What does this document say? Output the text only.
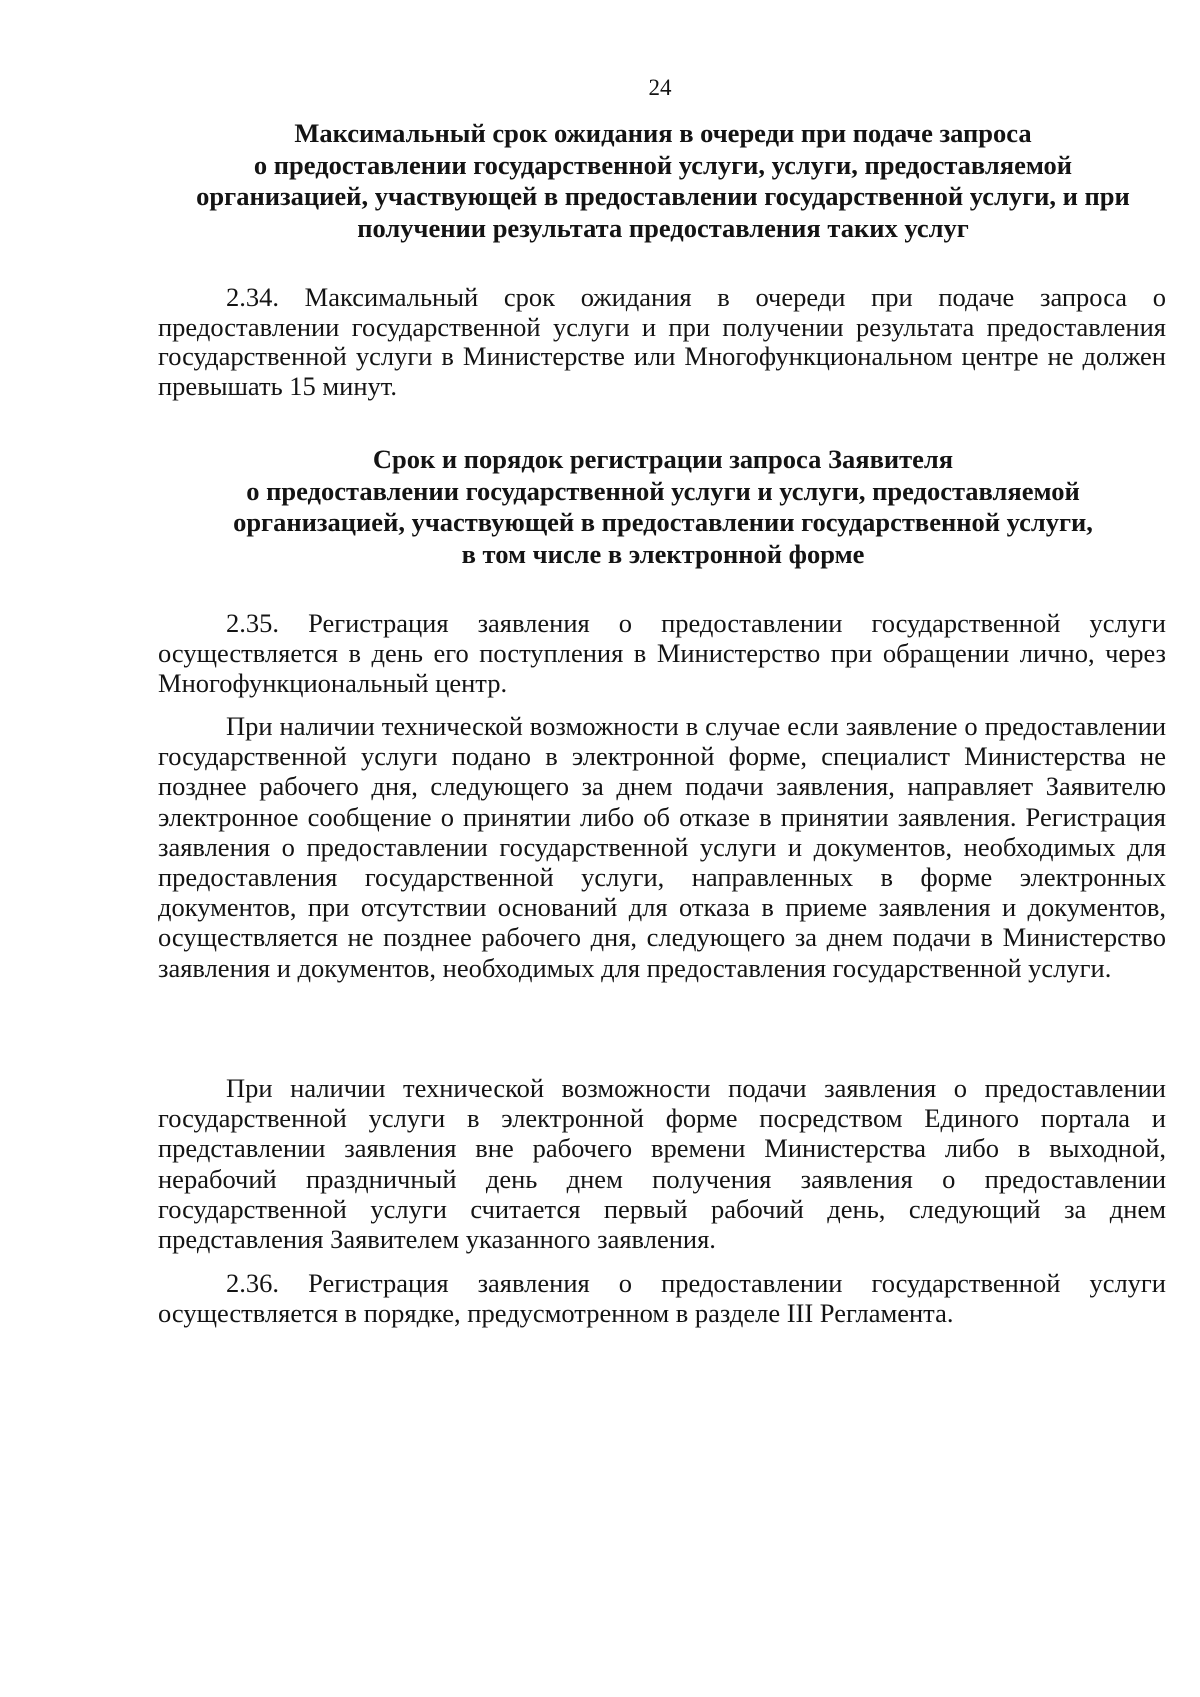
24
Максимальный срок ожидания в очереди при подаче запроса
о предоставлении государственной услуги, услуги, предоставляемой
организацией, участвующей в предоставлении государственной услуги, и при
получении результата предоставления таких услуг

2.34. Максимальный срок ожидания в очереди при подаче запроса о предоставлении государственной услуги и при получении результата предоставления государственной услуги в Министерстве или Многофункциональном центре не должен превышать 15 минут.

Срок и порядок регистрации запроса Заявителя
о предоставлении государственной услуги и услуги, предоставляемой
организацией, участвующей в предоставлении государственной услуги,
в том числе в электронной форме

2.35. Регистрация заявления о предоставлении государственной услуги осуществляется в день его поступления в Министерство при обращении лично, через Многофункциональный центр.

При наличии технической возможности в случае если заявление о предоставлении государственной услуги подано в электронной форме, специалист Министерства не позднее рабочего дня, следующего за днем подачи заявления, направляет Заявителю электронное сообщение о принятии либо об отказе в принятии заявления. Регистрация заявления о предоставлении государственной услуги и документов, необходимых для предоставления государственной услуги, направленных в форме электронных документов, при отсутствии оснований для отказа в приеме заявления и документов, осуществляется не позднее рабочего дня, следующего за днем подачи в Министерство заявления и документов, необходимых для предоставления государственной услуги.

При наличии технической возможности подачи заявления о предоставлении государственной услуги в электронной форме посредством Единого портала и представлении заявления вне рабочего времени Министерства либо в выходной, нерабочий праздничный день днем получения заявления о предоставлении государственной услуги считается первый рабочий день, следующий за днем представления Заявителем указанного заявления.

2.36. Регистрация заявления о предоставлении государственной услуги осуществляется в порядке, предусмотренном в разделе III Регламента.
